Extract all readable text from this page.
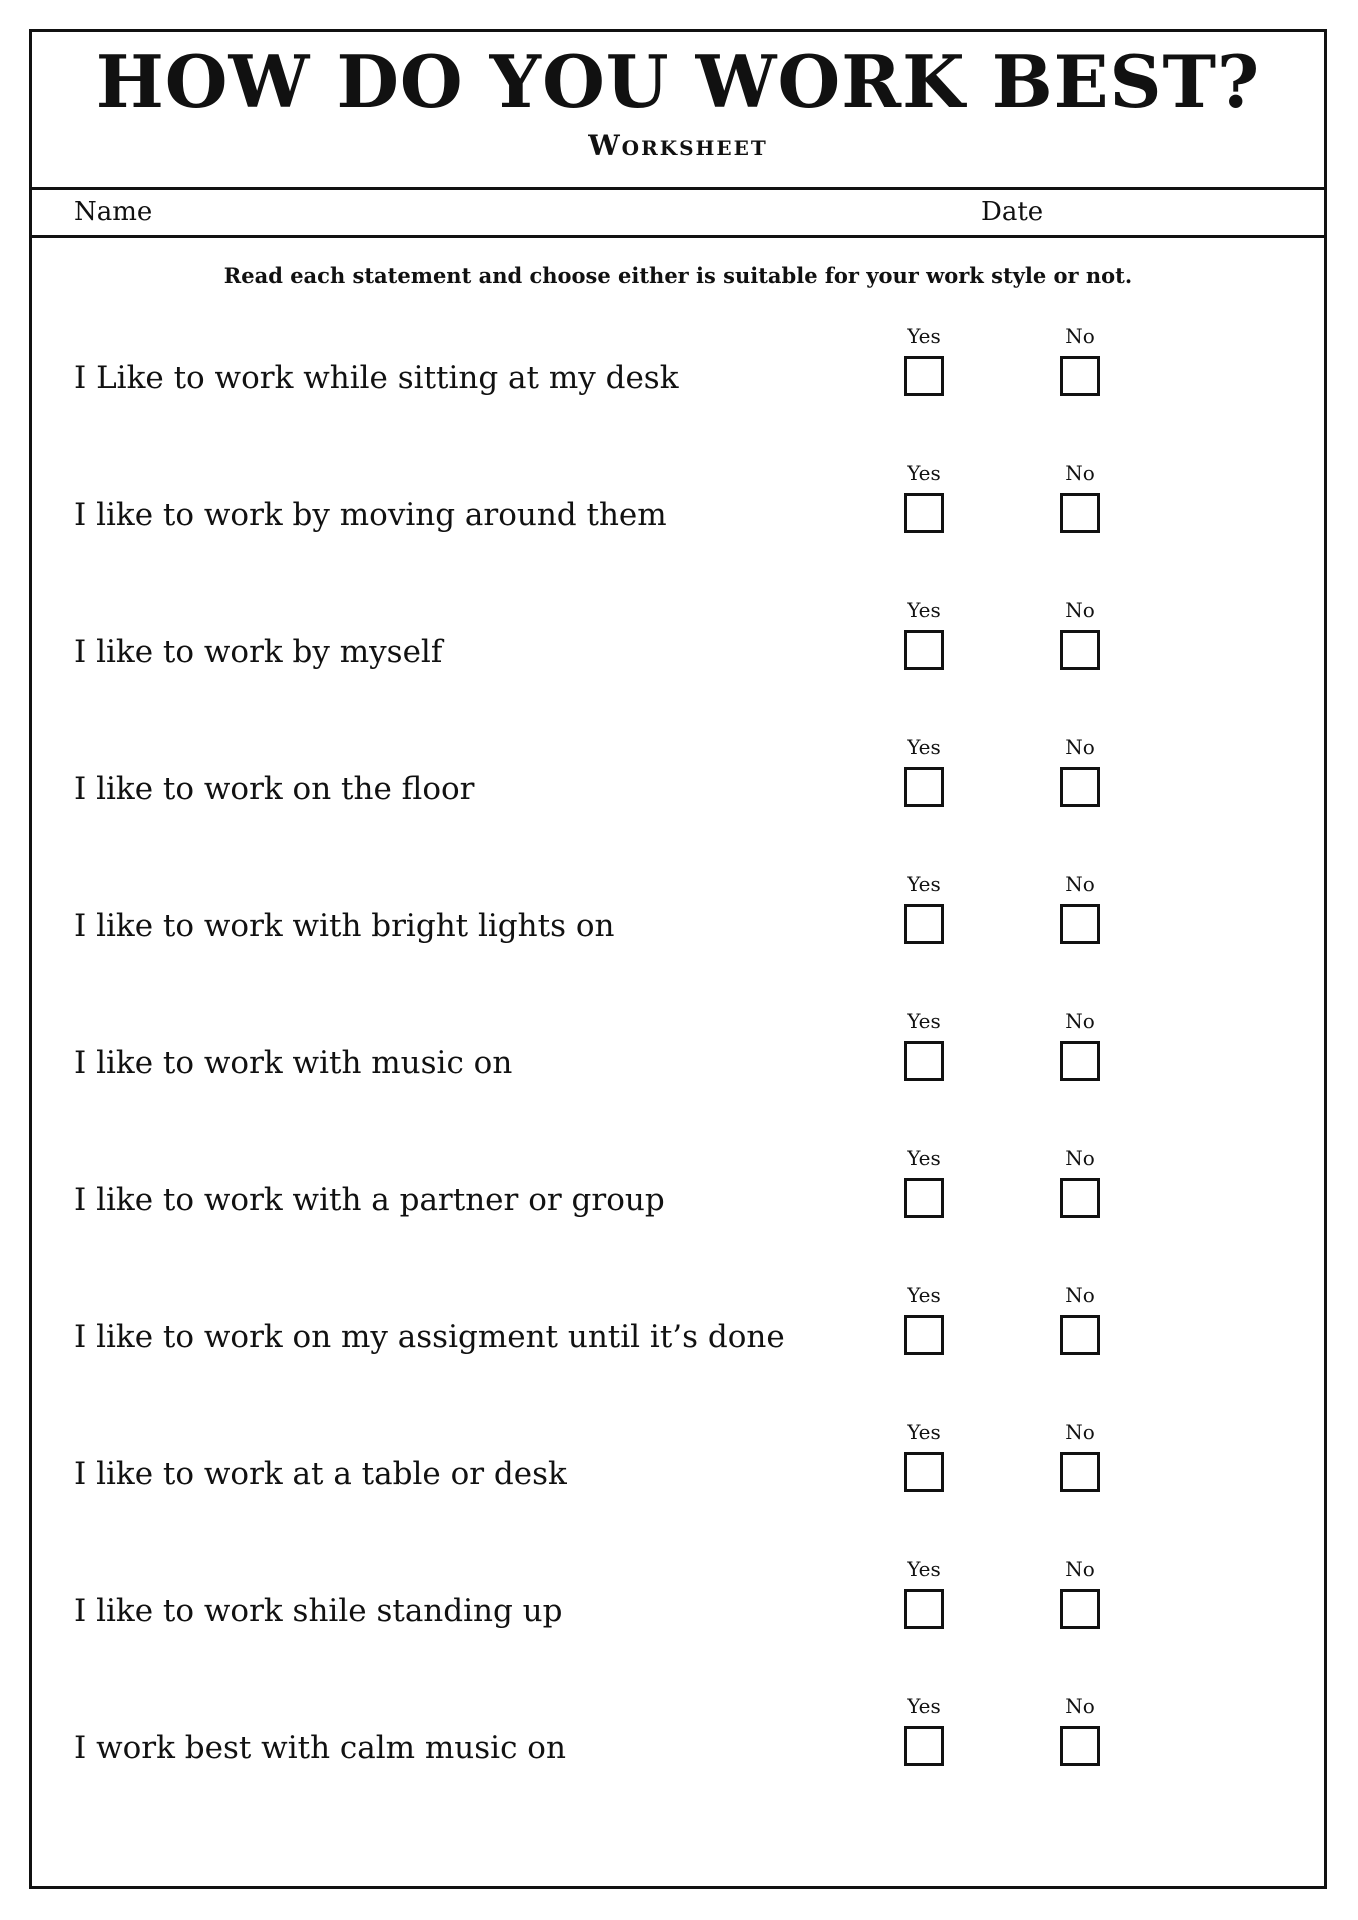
HOW DO YOU WORK BEST?
Worksheet
Name	Date
Read each statement and choose either is suitable for your work style or not.
I Like to work while sitting at my desk
Yes	No
I like to work by moving around them
Yes	No
I like to work by myself
Yes	No
I like to work on the floor
Yes	No
I like to work with bright lights on
Yes	No
I like to work with music on
Yes	No
I like to work with a partner or group
Yes	No
I like to work on my assigment until it’s done
Yes	No
I like to work at a table or desk
Yes	No
I like to work shile standing up
Yes	No
I work best with calm music on
Yes	No
